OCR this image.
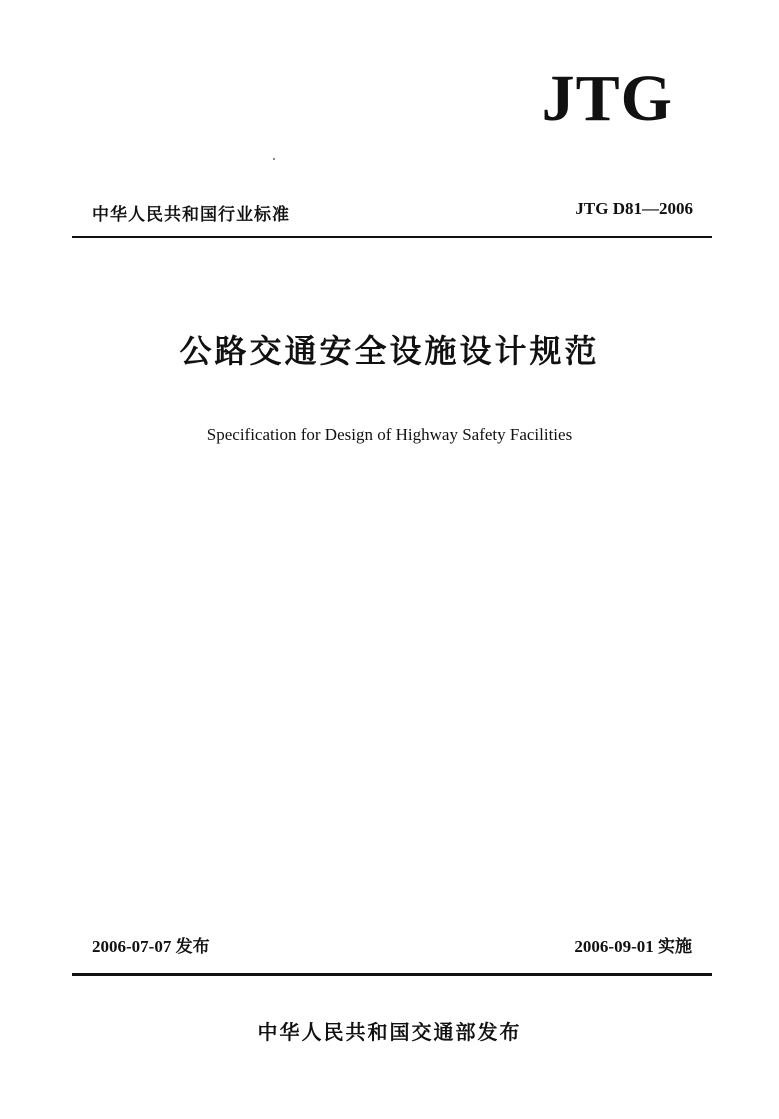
JTG
中华人民共和国行业标准	JTG D81—2006
公路交通安全设施设计规范
Specification for Design of Highway Safety Facilities
2006-07-07 发布	2006-09-01 实施
中华人民共和国交通部发布
